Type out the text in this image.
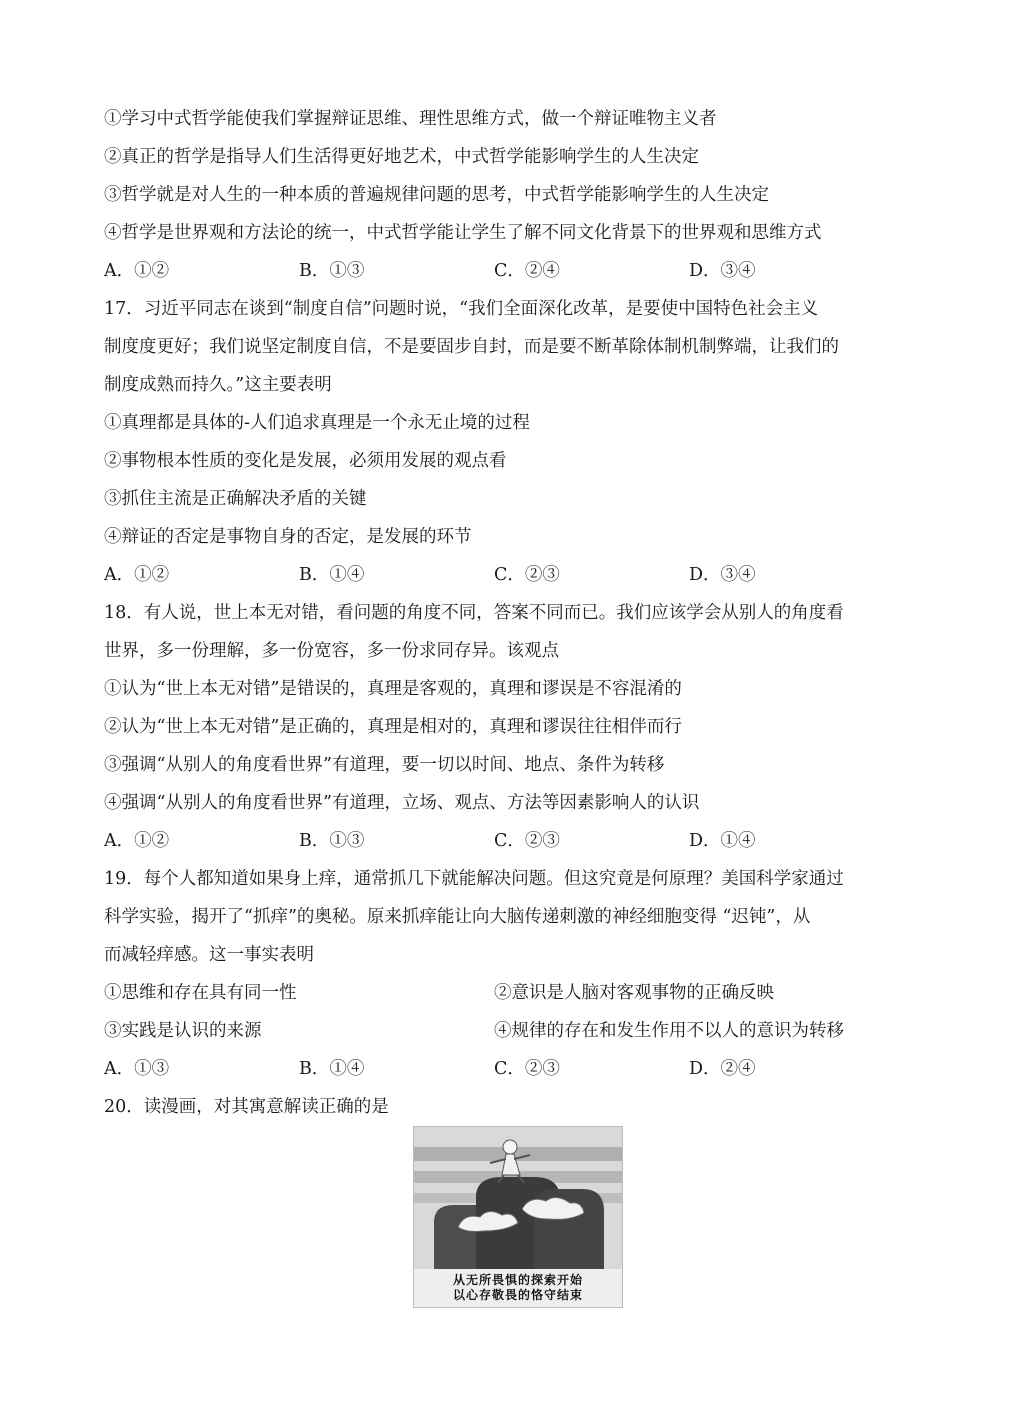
①学习中式哲学能使我们掌握辩证思维、理性思维方式，做一个辩证唯物主义者
②真正的哲学是指导人们生活得更好地艺术，中式哲学能影响学生的人生决定
③哲学就是对人生的一种本质的普遍规律问题的思考，中式哲学能影响学生的人生决定
④哲学是世界观和方法论的统一，中式哲学能让学生了解不同文化背景下的世界观和思维方式
A．①②	B．①③	C．②④	D．③④
17．习近平同志在谈到“制度自信”问题时说，“我们全面深化改革，是要使中国特色社会主义
制度度更好；我们说坚定制度自信，不是要固步自封，而是要不断革除体制机制弊端，让我们的
制度成熟而持久。”这主要表明
①真理都是具体的-人们追求真理是一个永无止境的过程
②事物根本性质的变化是发展，必须用发展的观点看
③抓住主流是正确解决矛盾的关键
④辩证的否定是事物自身的否定，是发展的环节
A．①②	B．①④	C．②③	D．③④
18．有人说，世上本无对错，看问题的角度不同，答案不同而已。我们应该学会从别人的角度看
世界，多一份理解，多一份宽容，多一份求同存异。该观点
①认为“世上本无对错”是错误的，真理是客观的，真理和谬误是不容混淆的
②认为“世上本无对错”是正确的，真理是相对的，真理和谬误往往相伴而行
③强调“从别人的角度看世界”有道理，要一切以时间、地点、条件为转移
④强调“从别人的角度看世界”有道理，立场、观点、方法等因素影响人的认识
A．①②	B．①③	C．②③	D．①④
19．每个人都知道如果身上痒，通常抓几下就能解决问题。但这究竟是何原理？美国科学家通过
科学实验，揭开了“抓痒”的奥秘。原来抓痒能让向大脑传递刺激的神经细胞变得 “迟钝”，从
而减轻痒感。这一事实表明
①思维和存在具有同一性	②意识是人脑对客观事物的正确反映
③实践是认识的来源	④规律的存在和发生作用不以人的意识为转移
A．①③	B．①④	C．②③	D．②④
20．读漫画，对其寓意解读正确的是
从无所畏惧的探索开始
以心存敬畏的恪守结束
